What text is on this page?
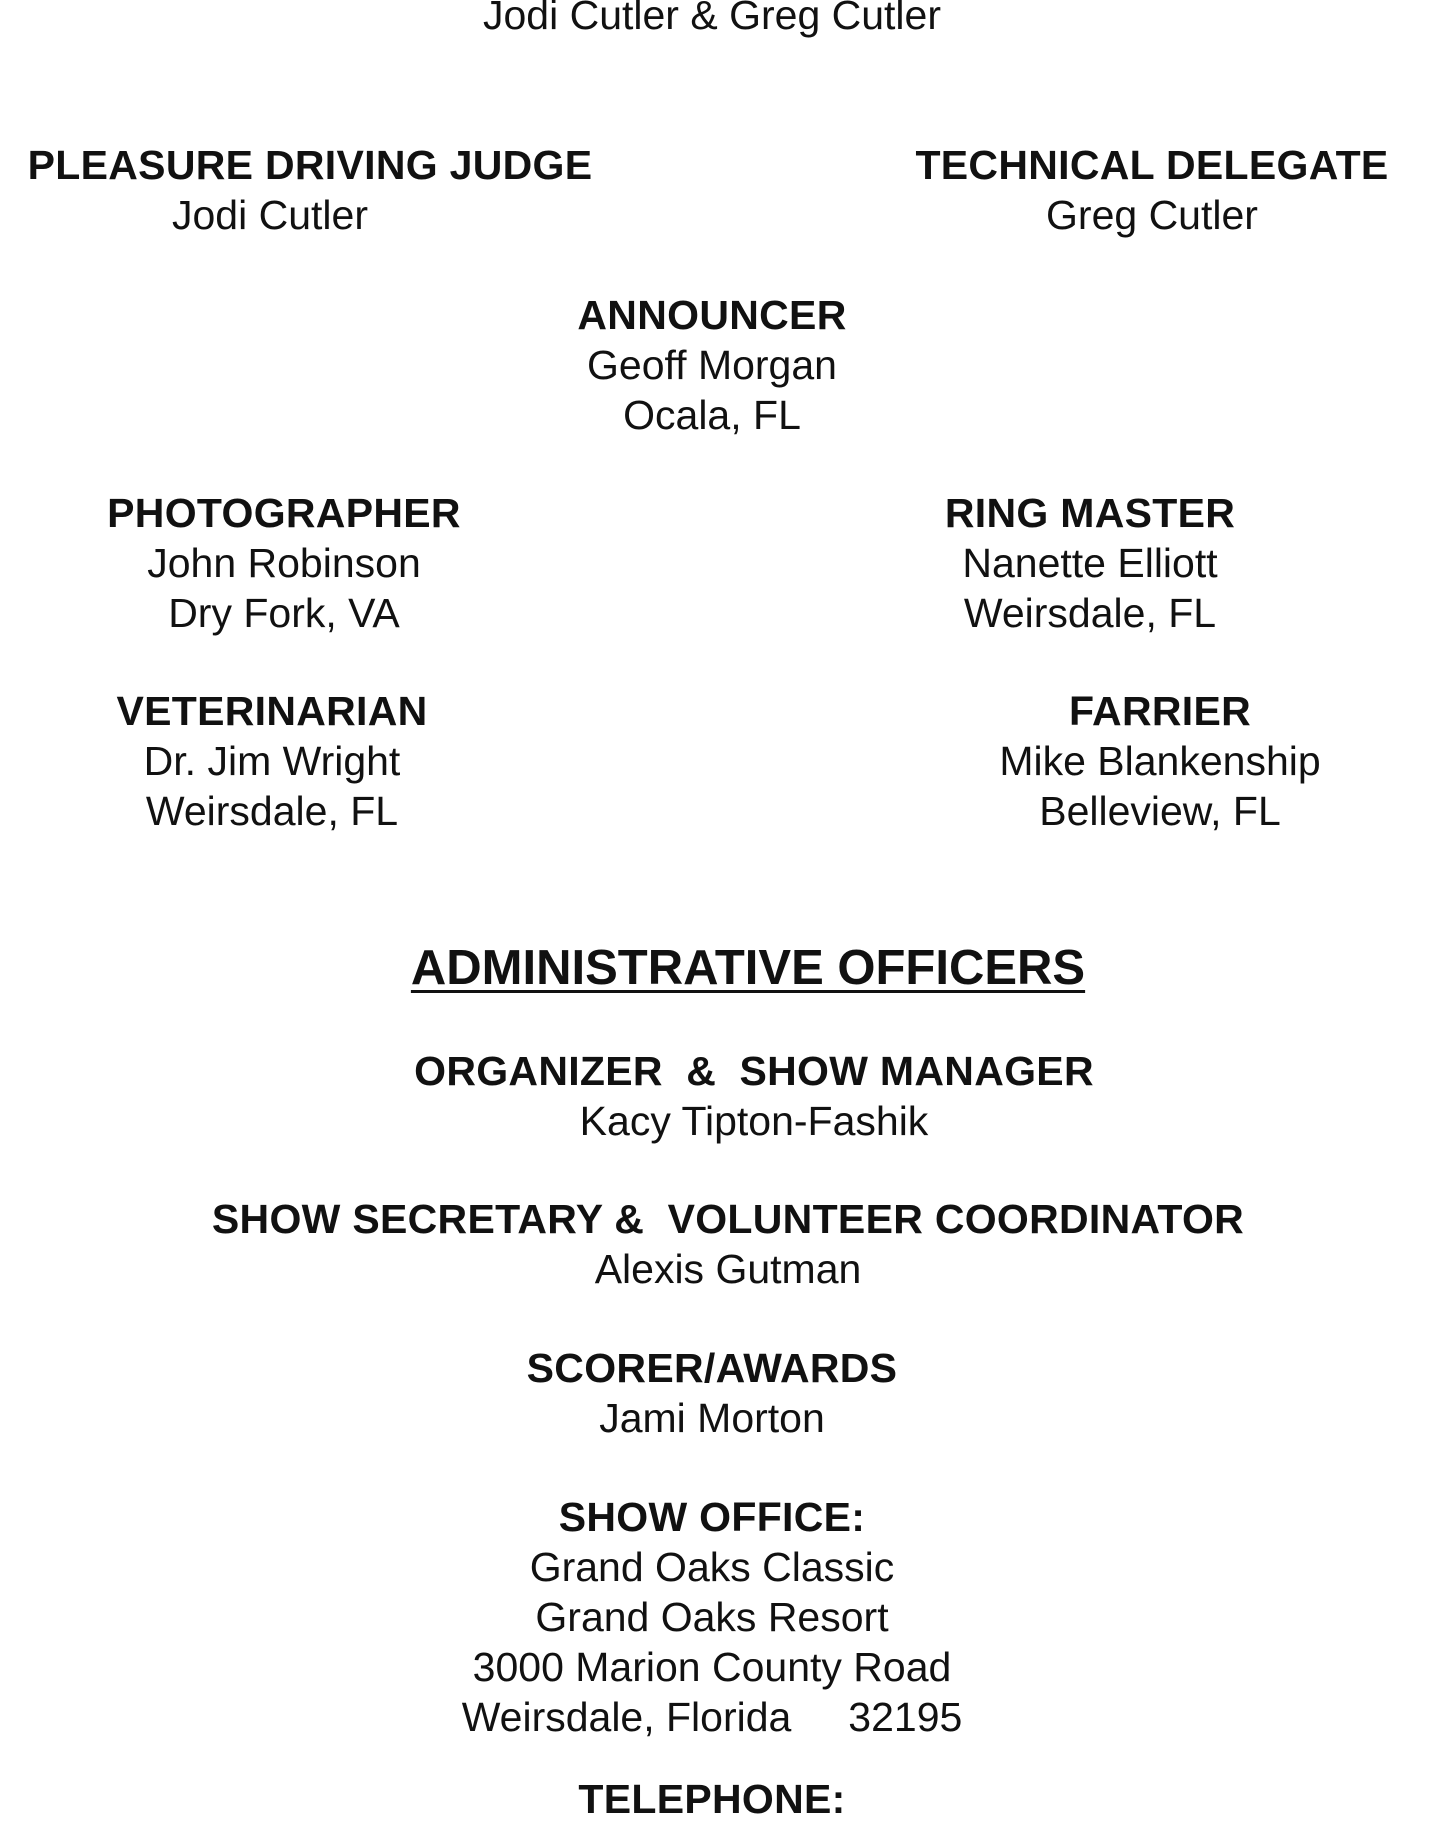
Jodi Cutler & Greg Cutler
PLEASURE DRIVING JUDGE
Jodi Cutler
TECHNICAL DELEGATE
Greg Cutler
ANNOUNCER
Geoff Morgan
Ocala, FL
PHOTOGRAPHER
John Robinson
Dry Fork, VA
RING MASTER
Nanette Elliott
Weirsdale, FL
VETERINARIAN
Dr. Jim Wright
Weirsdale, FL
FARRIER
Mike Blankenship
Belleview, FL
ADMINISTRATIVE OFFICERS
ORGANIZER  &  SHOW MANAGER
Kacy Tipton-Fashik
SHOW SECRETARY &  VOLUNTEER COORDINATOR
Alexis Gutman
SCORER/AWARDS
Jami Morton
SHOW OFFICE:
Grand Oaks Classic
Grand Oaks Resort
3000 Marion County Road
Weirsdale, Florida     32195
TELEPHONE:
